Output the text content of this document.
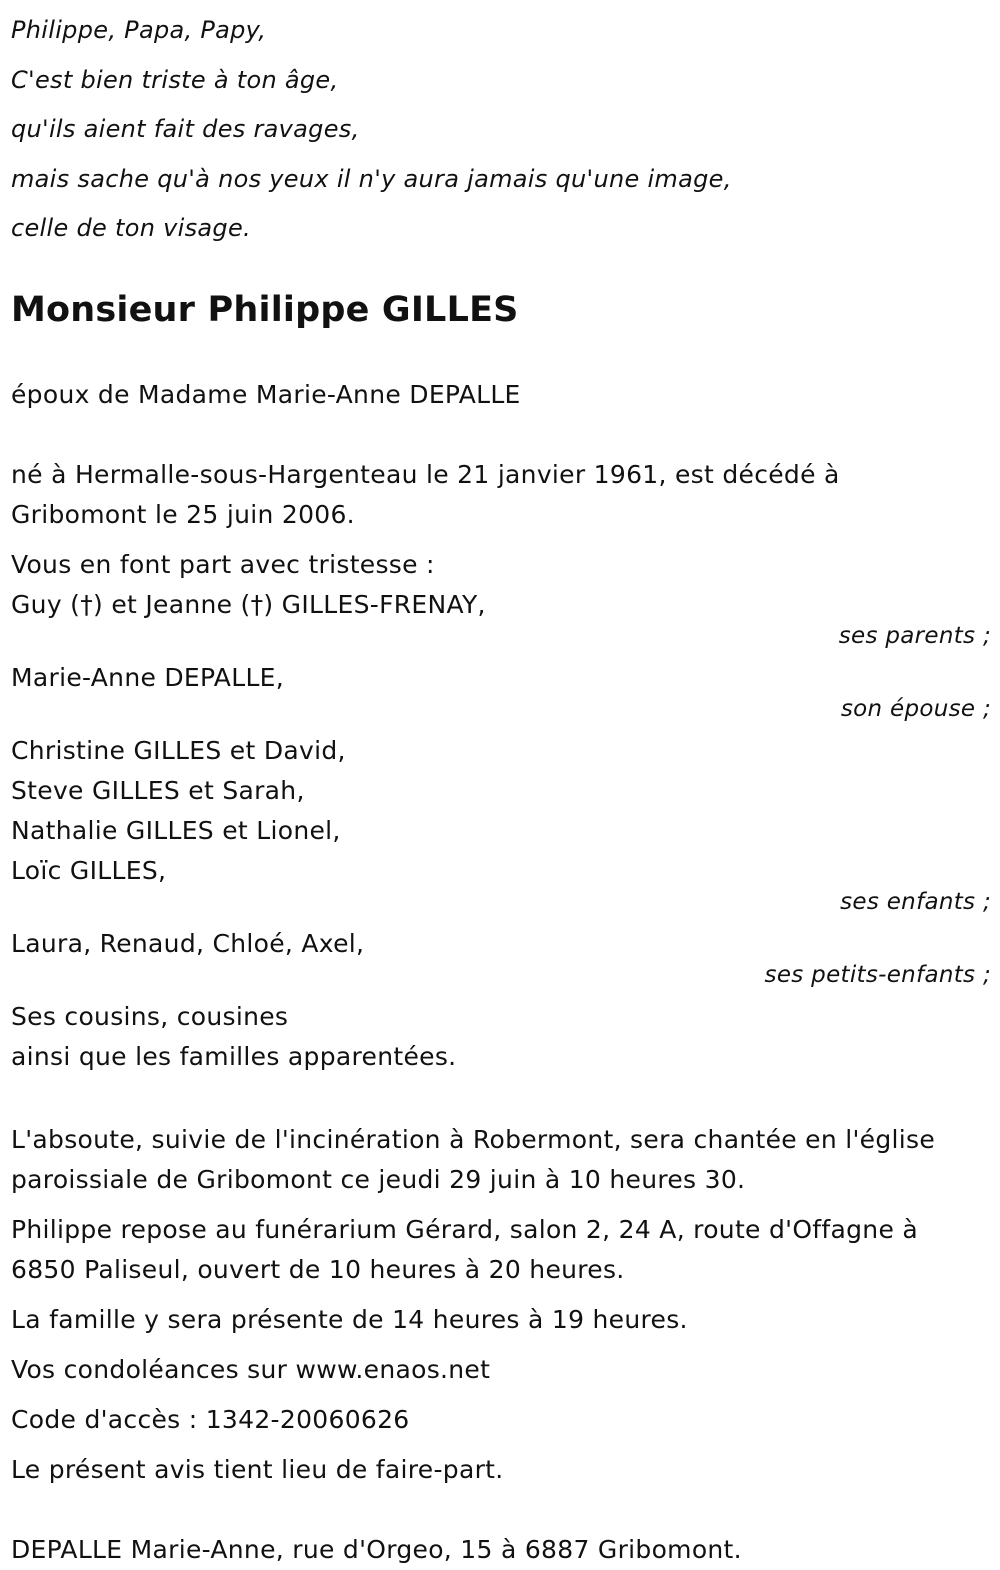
Philippe, Papa, Papy,
C'est bien triste à ton âge,
qu'ils aient fait des ravages,
mais sache qu'à nos yeux il n'y aura jamais qu'une image,
celle de ton visage.
Monsieur Philippe GILLES
époux de Madame Marie-Anne DEPALLE
né à Hermalle-sous-Hargenteau le 21 janvier 1961, est décédé à
Gribomont le 25 juin 2006.
Vous en font part avec tristesse :
Guy (†) et Jeanne (†) GILLES-FRENAY,
ses parents ;
Marie-Anne DEPALLE,
son épouse ;
Christine GILLES et David,
Steve GILLES et Sarah,
Nathalie GILLES et Lionel,
Loïc GILLES,
ses enfants ;
Laura, Renaud, Chloé, Axel,
ses petits-enfants ;
Ses cousins, cousines
ainsi que les familles apparentées.
L'absoute, suivie de l'incinération à Robermont, sera chantée en l'église
paroissiale de Gribomont ce jeudi 29 juin à 10 heures 30.
Philippe repose au funérarium Gérard, salon 2, 24 A, route d'Offagne à
6850 Paliseul, ouvert de 10 heures à 20 heures.
La famille y sera présente de 14 heures à 19 heures.
Vos condoléances sur www.enaos.net
Code d'accès : 1342-20060626
Le présent avis tient lieu de faire-part.
DEPALLE Marie-Anne, rue d'Orgeo, 15 à 6887 Gribomont.
